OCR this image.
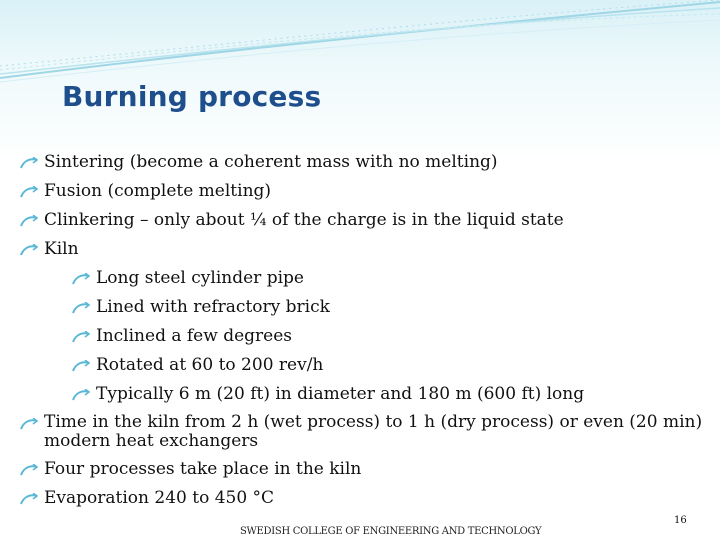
Burning process
Sintering (become a coherent mass with no melting)
Fusion (complete melting)
Clinkering – only about ¼ of the charge is in the liquid state
Kiln
Long steel cylinder pipe
Lined with refractory brick
Inclined a few degrees
Rotated at 60 to 200 rev/h
Typically 6 m (20 ft) in diameter and 180 m (600 ft) long
Time in the kiln from 2 h (wet process) to 1 h (dry process) or even (20 min) modern heat exchangers
Four processes take place in the kiln
Evaporation 240 to 450 °C
SWEDISH COLLEGE OF ENGINEERING AND TECHNOLOGY
16
